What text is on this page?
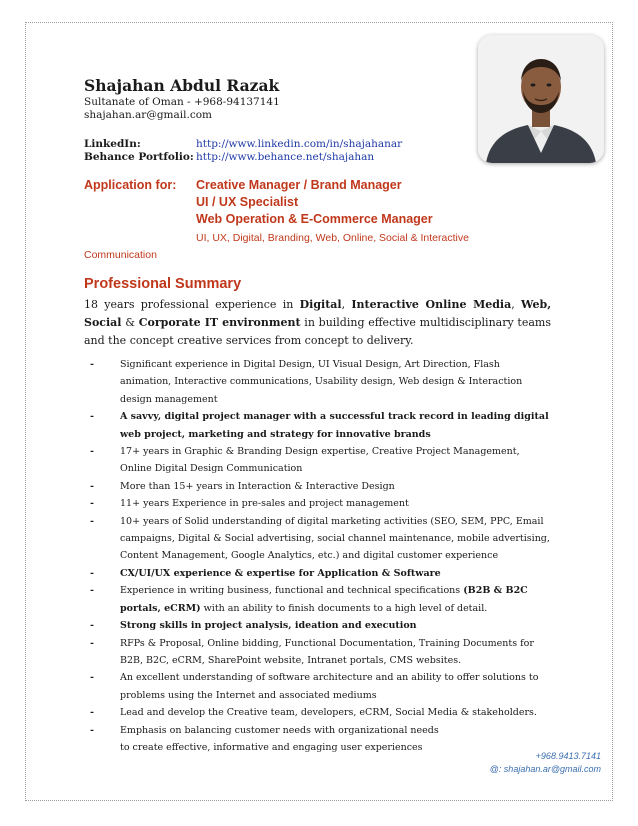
Shajahan Abdul Razak
Sultanate of Oman - +968-94137141
shajahan.ar@gmail.com
LinkedIn:	http://www.linkedin.com/in/shajahanar
Behance Portfolio: http://www.behance.net/shajahan
Application for: Creative Manager / Brand Manager
UI / UX Specialist
Web Operation & E-Commerce Manager
UI, UX, Digital, Branding, Web, Online, Social & Interactive
Communication
Professional Summary

18 years professional experience in Digital, Interactive Online Media, Web, Social & Corporate IT environment in building effective multidisciplinary teams and the concept creative services from concept to delivery.

-	Significant experience in Digital Design, UI Visual Design, Art Direction, Flash animation, Interactive communications, Usability design, Web design & Interaction design management
-	A savvy, digital project manager with a successful track record in leading digital web project, marketing and strategy for innovative brands
-	17+ years in Graphic & Branding Design expertise, Creative Project Management, Online Digital Design Communication
-	More than 15+ years in Interaction & Interactive Design
-	11+ years Experience in pre-sales and project management
-	10+ years of Solid understanding of digital marketing activities (SEO, SEM, PPC, Email campaigns, Digital & Social advertising, social channel maintenance, mobile advertising, Content Management, Google Analytics, etc.) and digital customer experience
-	CX/UI/UX experience & expertise for Application & Software
-	Experience in writing business, functional and technical specifications (B2B & B2C portals, eCRM) with an ability to finish documents to a high level of detail.
-	Strong skills in project analysis, ideation and execution
-	RFPs & Proposal, Online bidding, Functional Documentation, Training Documents for B2B, B2C, eCRM, SharePoint website, Intranet portals, CMS websites.
-	An excellent understanding of software architecture and an ability to offer solutions to problems using the Internet and associated mediums
-	Lead and develop the Creative team, developers, eCRM, Social Media & stakeholders.
-	Emphasis on balancing customer needs with organizational needs
to create effective, informative and engaging user experiences
+968.9413.7141
@: shajahan.ar@gmail.com
